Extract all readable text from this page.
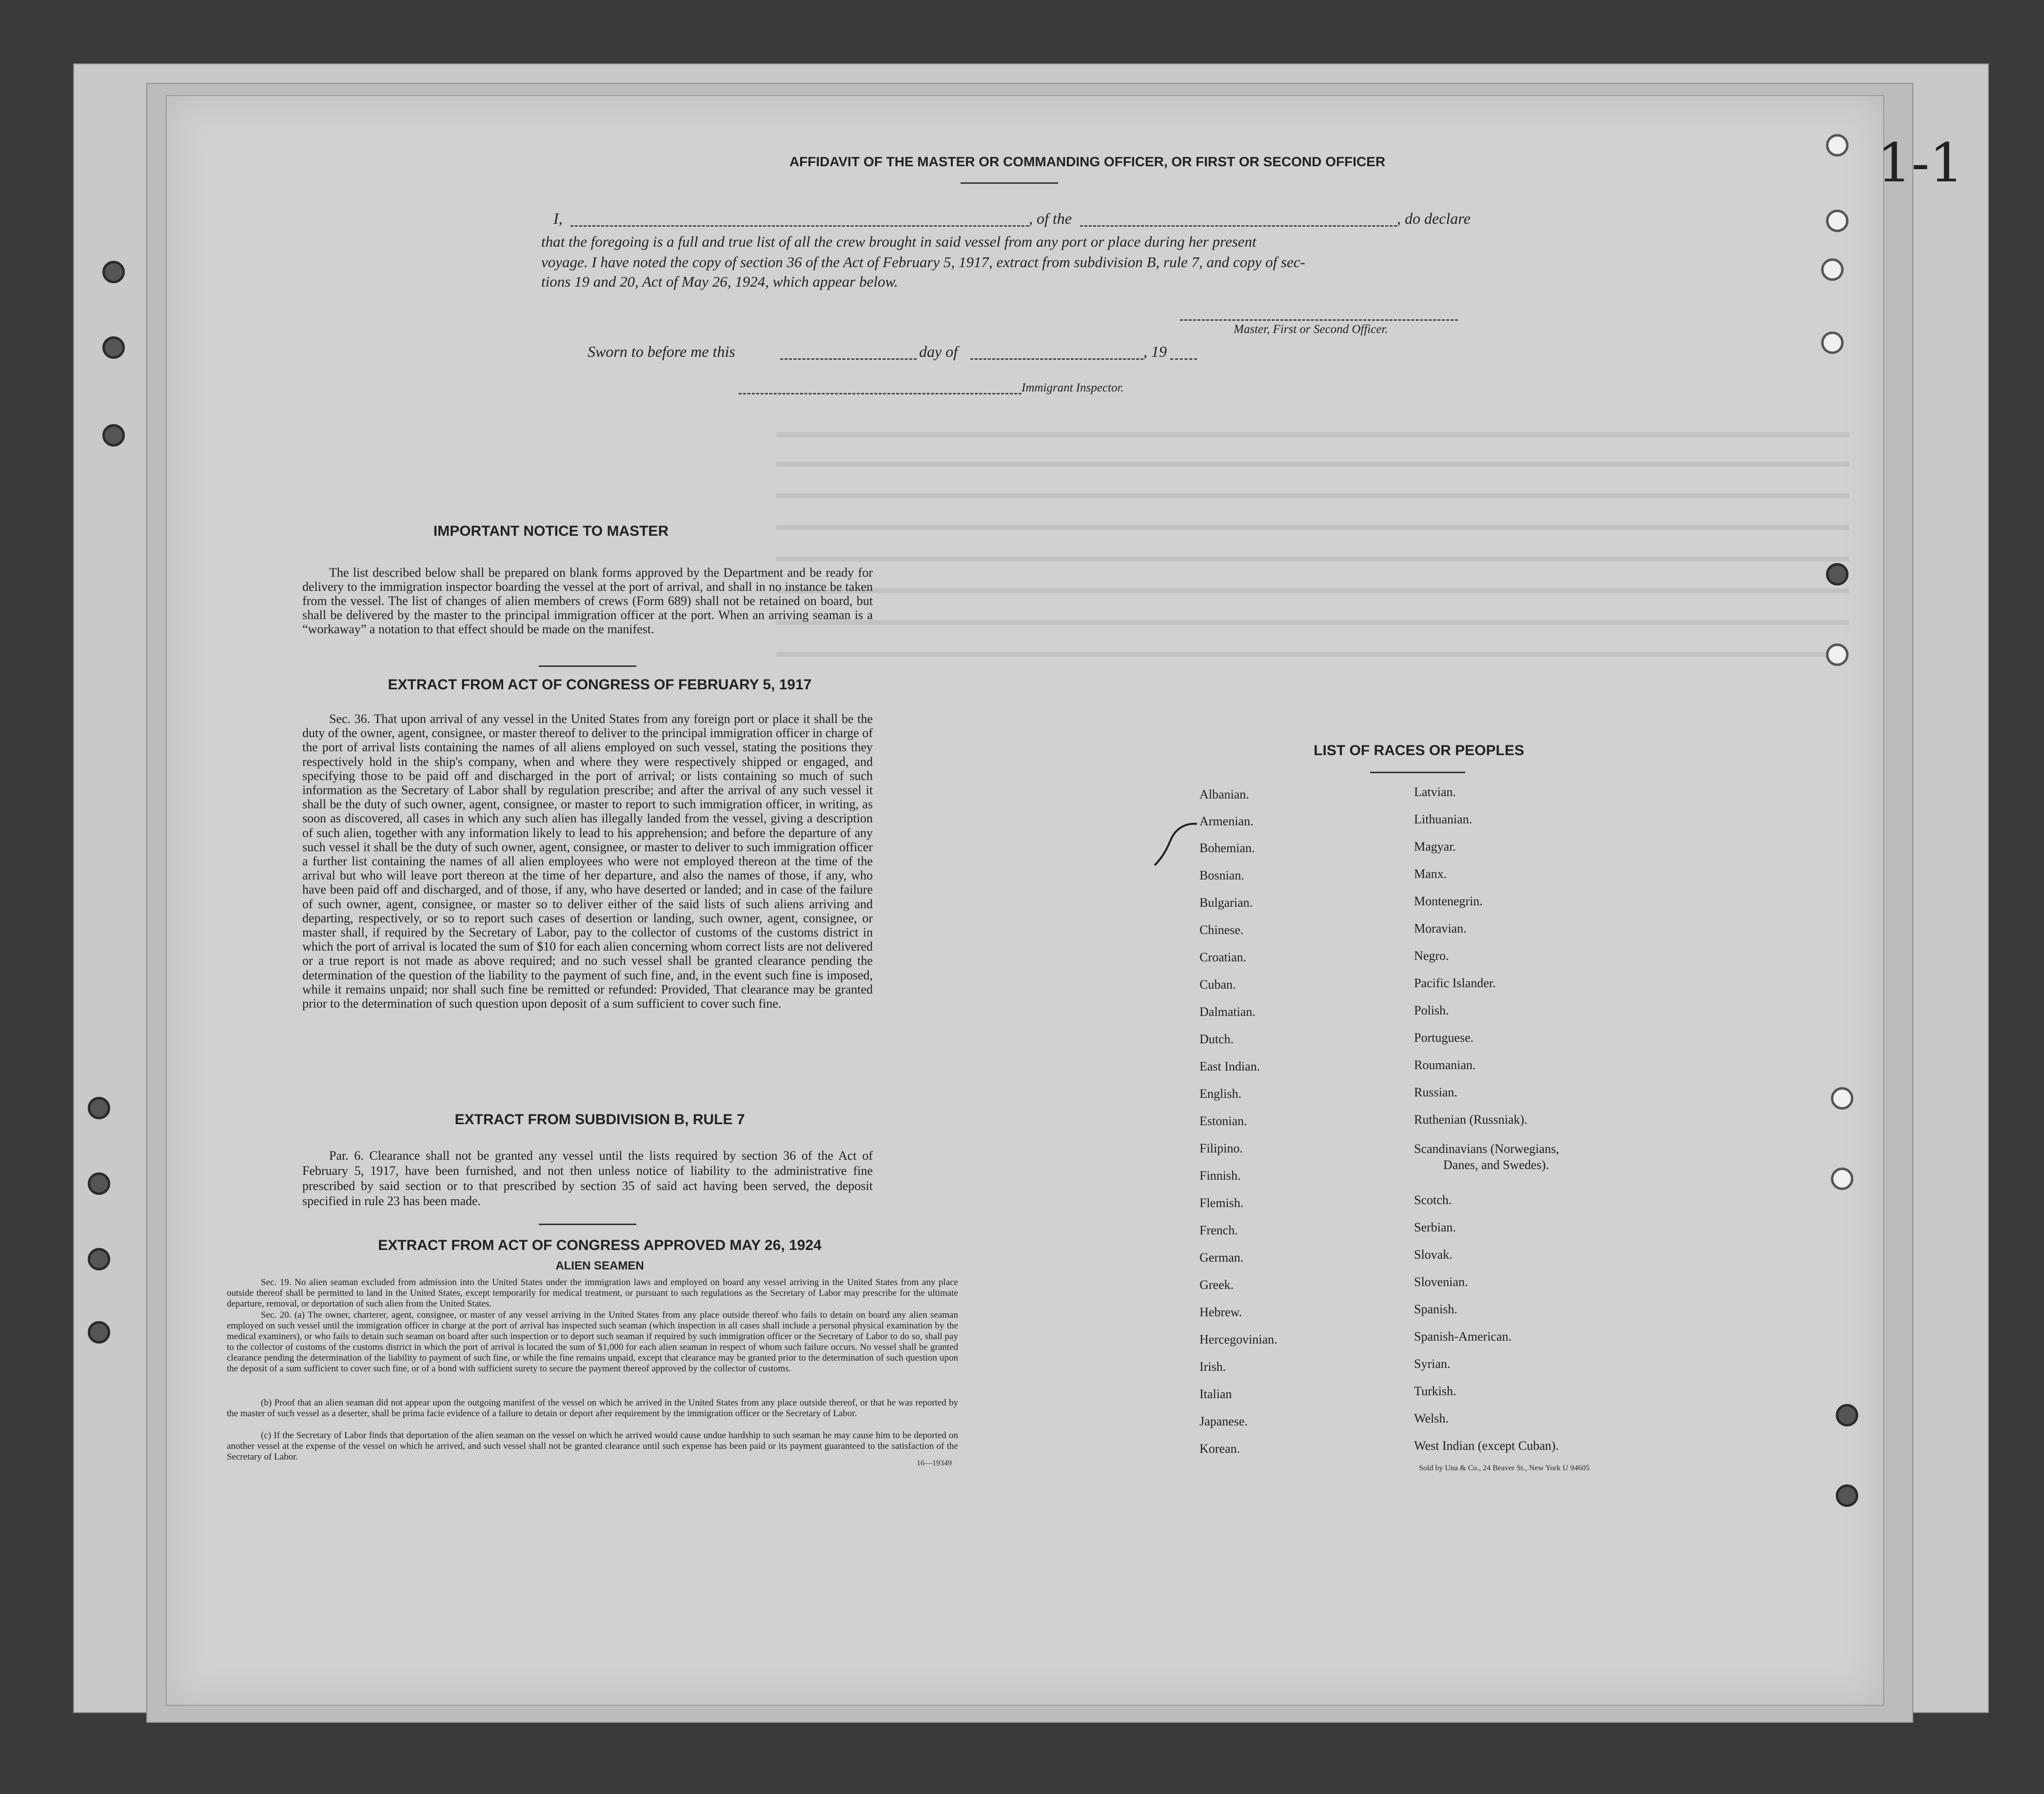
1-1
AFFIDAVIT OF THE MASTER OR COMMANDING OFFICER, OR FIRST OR SECOND OFFICER
I,	, of the	, do declare
that the foregoing is a full and true list of all the crew brought in said vessel from any port or place during her present
voyage. I have noted the copy of section 36 of the Act of February 5, 1917, extract from subdivision B, rule 7, and copy of sec-
tions 19 and 20, Act of May 26, 1924, which appear below.
Master, First or Second Officer.
Sworn to before me this	day of	, 19
Immigrant Inspector.
IMPORTANT NOTICE TO MASTER
The list described below shall be prepared on blank forms approved by the Department and be ready for delivery to the immigration inspector boarding the vessel at the port of arrival, and shall in no instance be taken from the vessel. The list of changes of alien members of crews (Form 689) shall not be retained on board, but shall be delivered by the master to the principal immigration officer at the port. When an arriving seaman is a “workaway” a notation to that effect should be made on the manifest.
EXTRACT FROM ACT OF CONGRESS OF FEBRUARY 5, 1917
Sec. 36. That upon arrival of any vessel in the United States from any foreign port or place it shall be the duty of the owner, agent, consignee, or master thereof to deliver to the principal immigration officer in charge of the port of arrival lists containing the names of all aliens employed on such vessel, stating the positions they respectively hold in the ship's company, when and where they were respectively shipped or engaged, and specifying those to be paid off and discharged in the port of arrival; or lists containing so much of such information as the Secretary of Labor shall by regulation prescribe; and after the arrival of any such vessel it shall be the duty of such owner, agent, consignee, or master to report to such immigration officer, in writing, as soon as discovered, all cases in which any such alien has illegally landed from the vessel, giving a description of such alien, together with any information likely to lead to his apprehension; and before the departure of any such vessel it shall be the duty of such owner, agent, consignee, or master to deliver to such immigration officer a further list containing the names of all alien employees who were not employed thereon at the time of the arrival but who will leave port thereon at the time of her departure, and also the names of those, if any, who have been paid off and discharged, and of those, if any, who have deserted or landed; and in case of the failure of such owner, agent, consignee, or master so to deliver either of the said lists of such aliens arriving and departing, respectively, or so to report such cases of desertion or landing, such owner, agent, consignee, or master shall, if required by the Secretary of Labor, pay to the collector of customs of the customs district in which the port of arrival is located the sum of $10 for each alien concerning whom correct lists are not delivered or a true report is not made as above required; and no such vessel shall be granted clearance pending the determination of the question of the liability to the payment of such fine, and, in the event such fine is imposed, while it remains unpaid; nor shall such fine be remitted or refunded: Provided, That clearance may be granted prior to the determination of such question upon deposit of a sum sufficient to cover such fine.
EXTRACT FROM SUBDIVISION B, RULE 7
Par. 6. Clearance shall not be granted any vessel until the lists required by section 36 of the Act of February 5, 1917, have been furnished, and not then unless notice of liability to the administrative fine prescribed by said section or to that prescribed by section 35 of said act having been served, the deposit specified in rule 23 has been made.
EXTRACT FROM ACT OF CONGRESS APPROVED MAY 26, 1924
ALIEN SEAMEN
Sec. 19. No alien seaman excluded from admission into the United States under the immigration laws and employed on board any vessel arriving in the United States from any place outside thereof shall be permitted to land in the United States, except temporarily for medical treatment, or pursuant to such regulations as the Secretary of Labor may prescribe for the ultimate departure, removal, or deportation of such alien from the United States.
Sec. 20. (a) The owner, charterer, agent, consignee, or master of any vessel arriving in the United States from any place outside thereof who fails to detain on board any alien seaman employed on such vessel until the immigration officer in charge at the port of arrival has inspected such seaman (which inspection in all cases shall include a personal physical examination by the medical examiners), or who fails to detain such seaman on board after such inspection or to deport such seaman if required by such immigration officer or the Secretary of Labor to do so, shall pay to the collector of customs of the customs district in which the port of arrival is located the sum of $1,000 for each alien seaman in respect of whom such failure occurs. No vessel shall be granted clearance pending the determination of the liability to payment of such fine, or while the fine remains unpaid, except that clearance may be granted prior to the determination of such question upon the deposit of a sum sufficient to cover such fine, or of a bond with sufficient surety to secure the payment thereof approved by the collector of customs.
(b) Proof that an alien seaman did not appear upon the outgoing manifest of the vessel on which he arrived in the United States from any place outside thereof, or that he was reported by the master of such vessel as a deserter, shall be prima facie evidence of a failure to detain or deport after requirement by the immigration officer or the Secretary of Labor.
(c) If the Secretary of Labor finds that deportation of the alien seaman on the vessel on which he arrived would cause undue hardship to such seaman he may cause him to be deported on another vessel at the expense of the vessel on which he arrived, and such vessel shall not be granted clearance until such expense has been paid or its payment guaranteed to the satisfaction of the Secretary of Labor.
16—19349
LIST OF RACES OR PEOPLES
Albanian.
Armenian.
Bohemian.
Bosnian.
Bulgarian.
Chinese.
Croatian.
Cuban.
Dalmatian.
Dutch.
East Indian.
English.
Estonian.
Filipino.
Finnish.
Flemish.
French.
German.
Greek.
Hebrew.
Hercegovinian.
Irish.
Italian
Japanese.
Korean.
Latvian.
Lithuanian.
Magyar.
Manx.
Montenegrin.
Moravian.
Negro.
Pacific Islander.
Polish.
Portuguese.
Roumanian.
Russian.
Ruthenian (Russniak).
Scandinavians (Norwegians,
Danes, and Swedes).
Scotch.
Serbian.
Slovak.
Slovenian.
Spanish.
Spanish-American.
Syrian.
Turkish.
Welsh.
West Indian (except Cuban).
Sold by Una & Co., 24 Beaver St., New York U 94605
